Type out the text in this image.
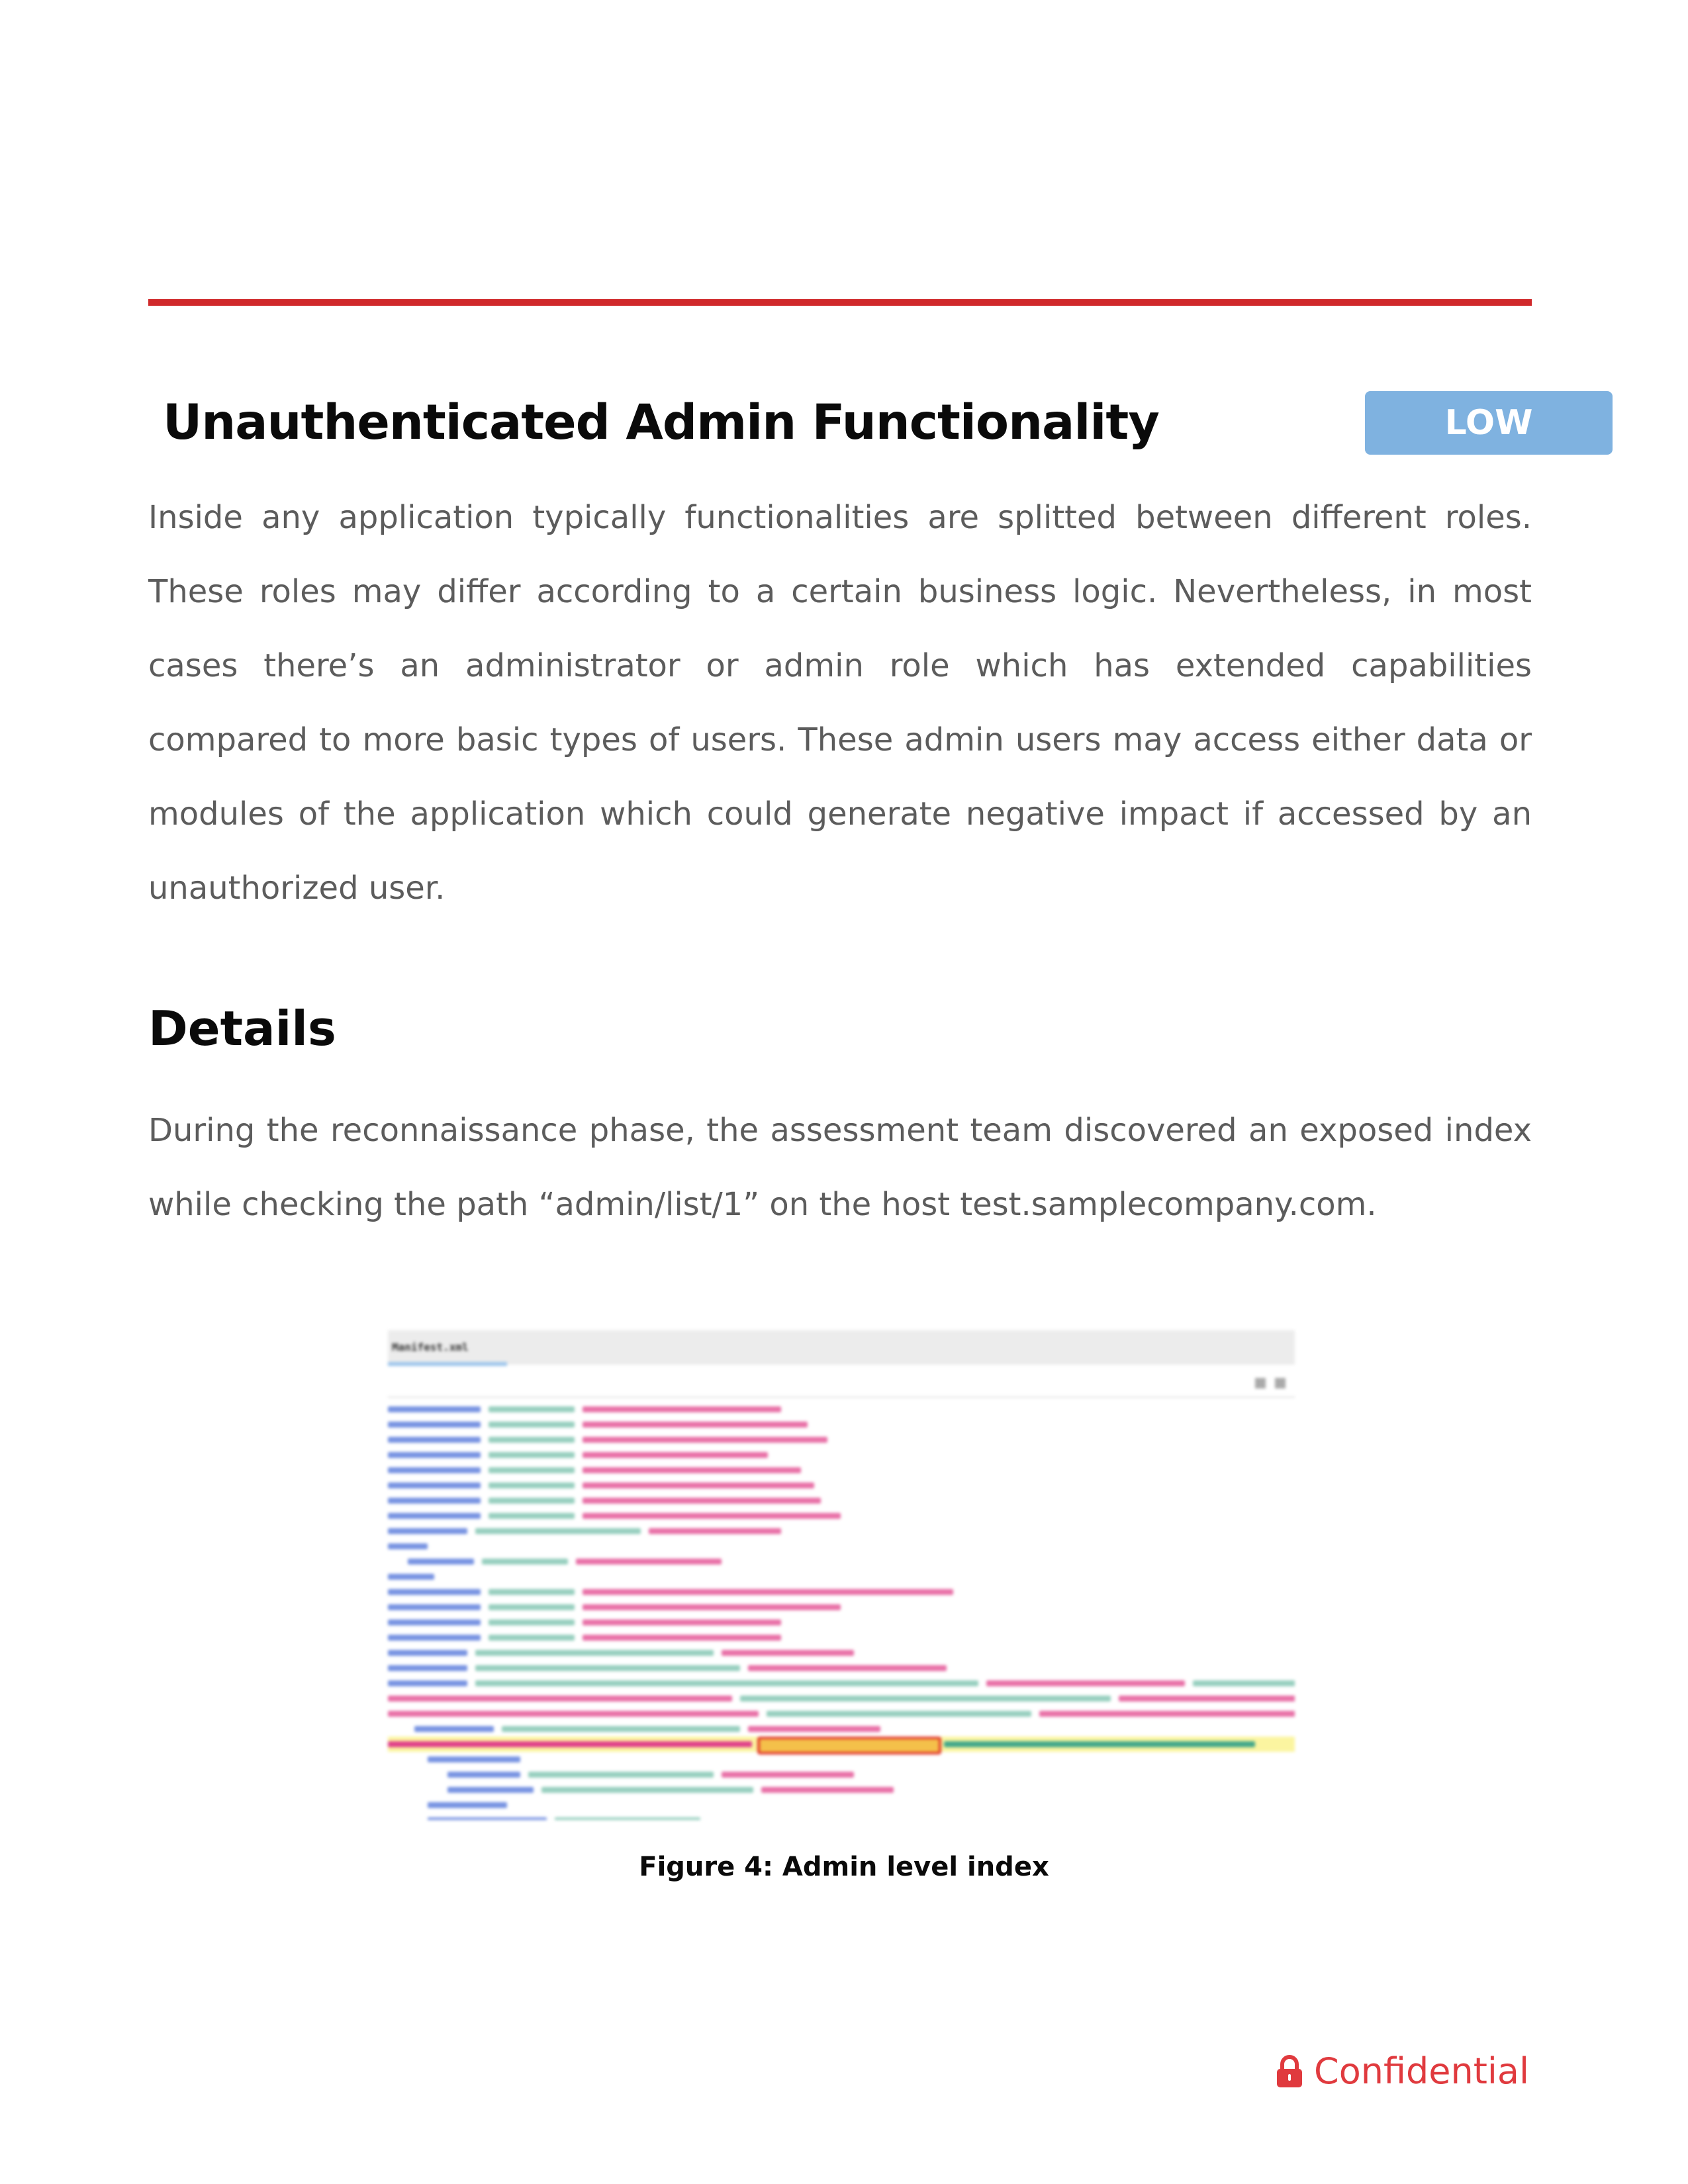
Unauthenticated Admin Functionality	LOW

Inside any application typically functionalities are splitted between different roles. These roles may differ according to a certain business logic. Nevertheless, in most cases there’s an administrator or admin role which has extended capabilities compared to more basic types of users. These admin users may access either data or modules of the application which could generate negative impact if accessed by an unauthorized user.

Details

During the reconnaissance phase, the assessment team discovered an exposed index while checking the path “admin/list/1” on the host test.samplecompany.com.

Manifest.xml

Figure 4: Admin level index

Confidential
